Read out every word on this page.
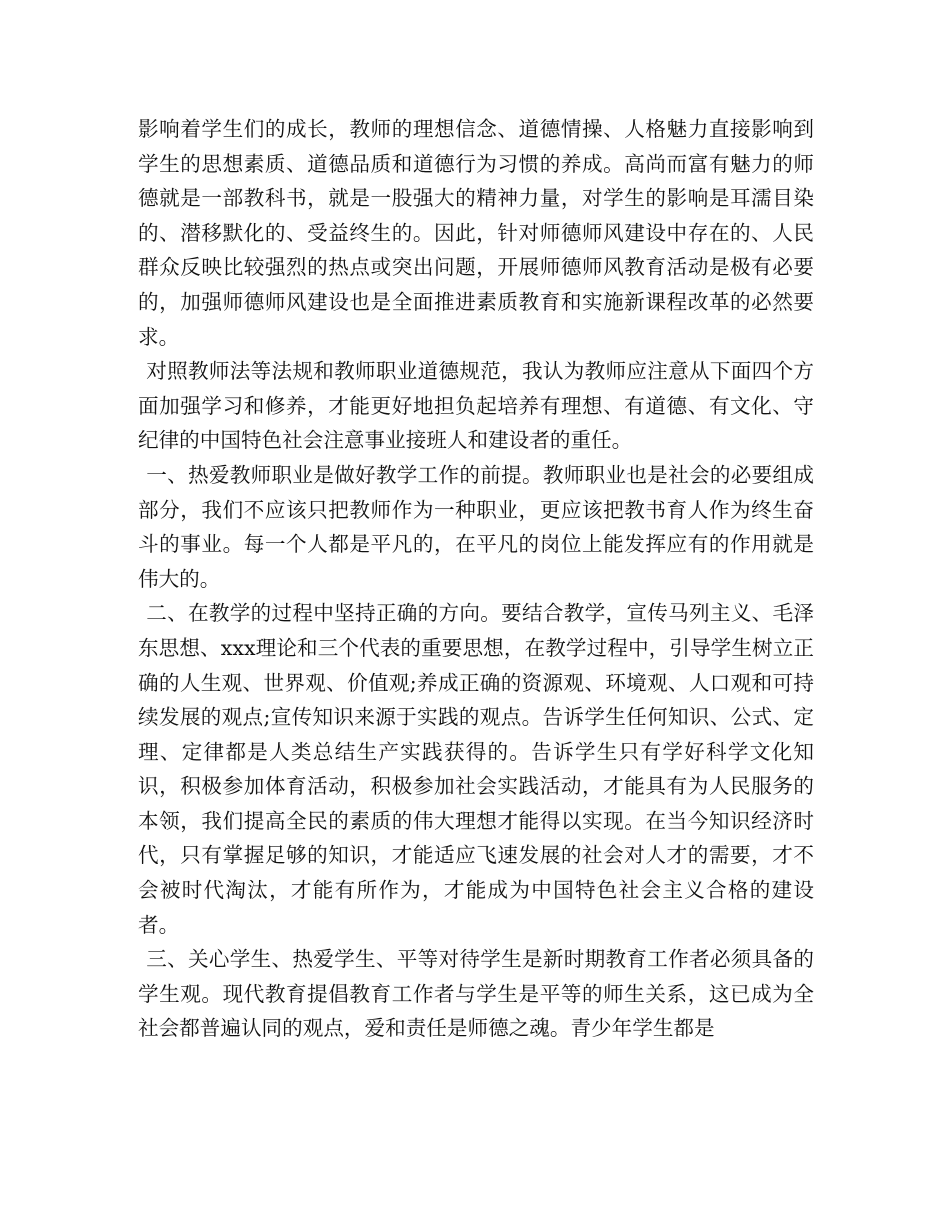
影响着学生们的成长，教师的理想信念、道德情操、人格魅力直接影响到学生的思想素质、道德品质和道德行为习惯的养成。高尚而富有魅力的师德就是一部教科书，就是一股强大的精神力量，对学生的影响是耳濡目染的、潜移默化的、受益终生的。因此，针对师德师风建设中存在的、人民群众反映比较强烈的热点或突出问题，开展师德师风教育活动是极有必要的，加强师德师风建设也是全面推进素质教育和实施新课程改革的必然要求。

对照教师法等法规和教师职业道德规范，我认为教师应注意从下面四个方面加强学习和修养，才能更好地担负起培养有理想、有道德、有文化、守纪律的中国特色社会注意事业接班人和建设者的重任。

一、热爱教师职业是做好教学工作的前提。教师职业也是社会的必要组成部分，我们不应该只把教师作为一种职业，更应该把教书育人作为终生奋斗的事业。每一个人都是平凡的，在平凡的岗位上能发挥应有的作用就是伟大的。

二、在教学的过程中坚持正确的方向。要结合教学，宣传马列主义、毛泽东思想、xxx理论和三个代表的重要思想，在教学过程中，引导学生树立正确的人生观、世界观、价值观;养成正确的资源观、环境观、人口观和可持续发展的观点;宣传知识来源于实践的观点。告诉学生任何知识、公式、定理、定律都是人类总结生产实践获得的。告诉学生只有学好科学文化知识，积极参加体育活动，积极参加社会实践活动，才能具有为人民服务的本领，我们提高全民的素质的伟大理想才能得以实现。在当今知识经济时代，只有掌握足够的知识，才能适应飞速发展的社会对人才的需要，才不会被时代淘汰，才能有所作为，才能成为中国特色社会主义合格的建设者。

三、关心学生、热爱学生、平等对待学生是新时期教育工作者必须具备的学生观。现代教育提倡教育工作者与学生是平等的师生关系，这已成为全社会都普遍认同的观点，爱和责任是师德之魂。青少年学生都是
